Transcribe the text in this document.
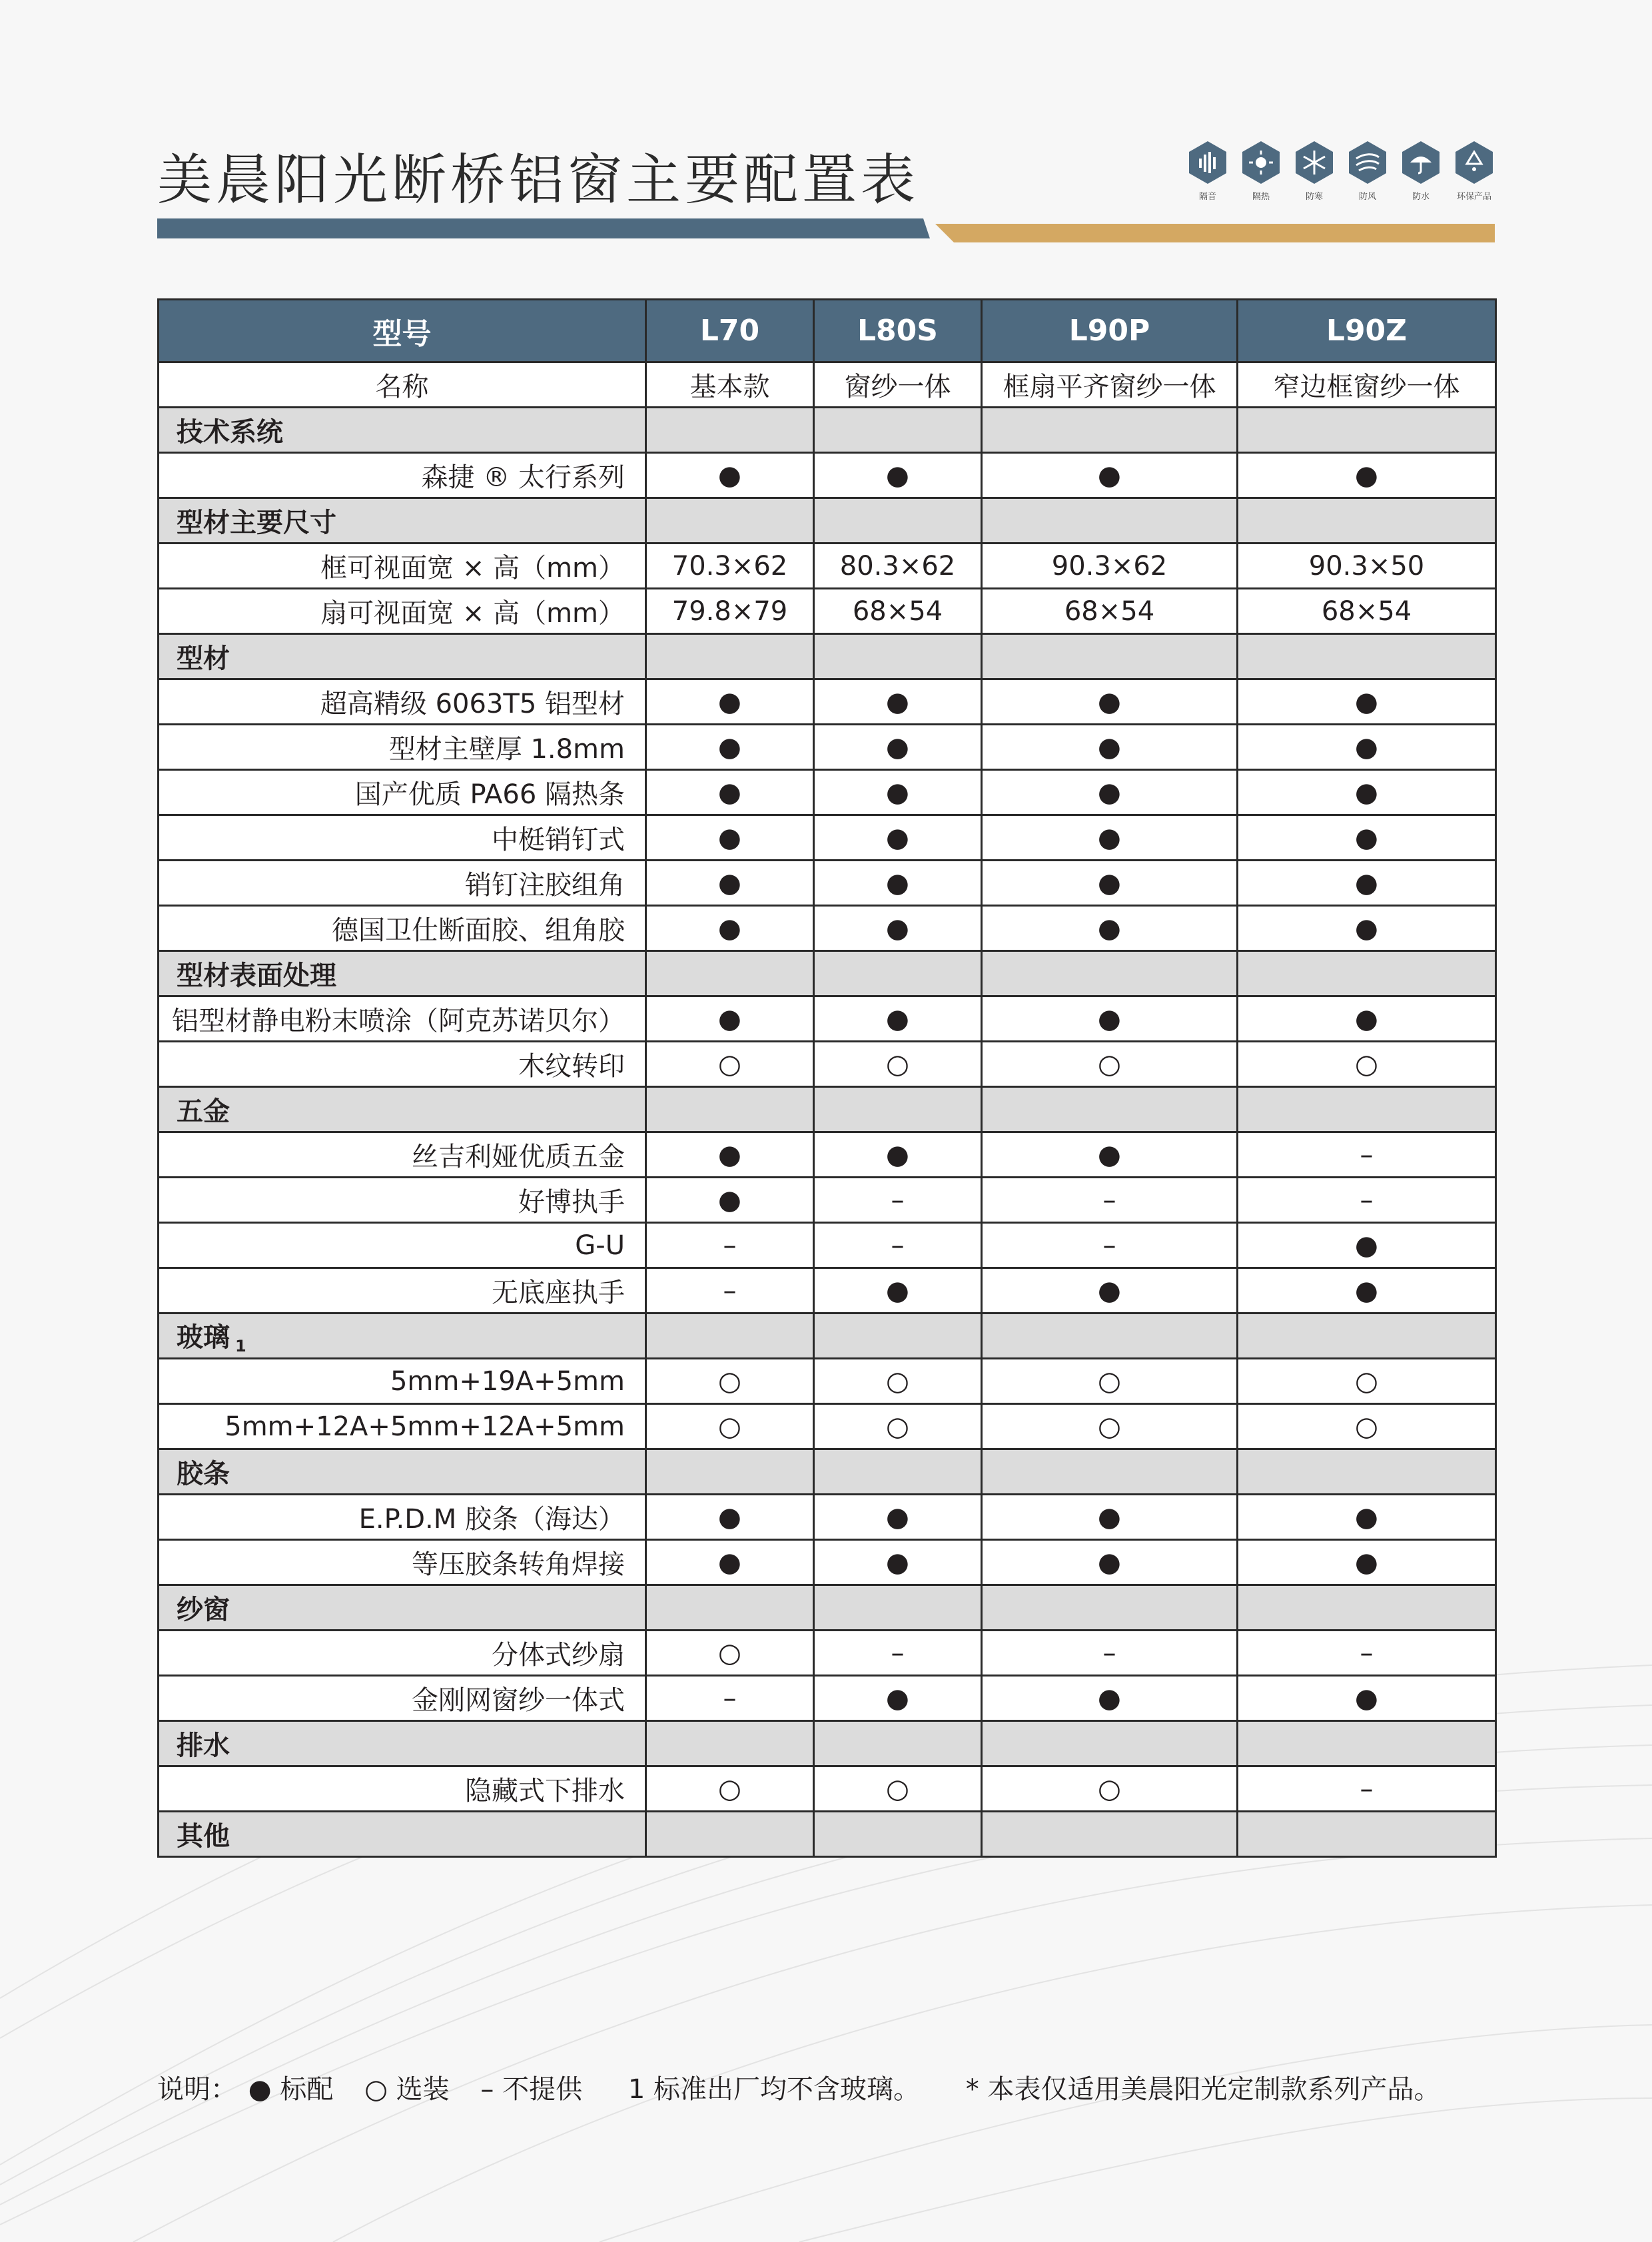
美晨阳光断桥铝窗主要配置表	隔音	隔热	防寒	防风	防水	环保产品
型号	L70	L80S	L90P	L90Z
名称	基本款	窗纱一体	框扇平齐窗纱一体	窄边框窗纱一体
技术系统				
森捷 ® 太行系列	●	●	●	●
型材主要尺寸				
框可视面宽 × 高（mm）	70.3×62	80.3×62	90.3×62	90.3×50
扇可视面宽 × 高（mm）	79.8×79	68×54	68×54	68×54
型材				
超高精级 6063T5 铝型材	●	●	●	●
型材主壁厚 1.8mm	●	●	●	●
国产优质 PA66 隔热条	●	●	●	●
中梃销钉式	●	●	●	●
销钉注胶组角	●	●	●	●
德国卫仕断面胶、组角胶	●	●	●	●
型材表面处理				
铝型材静电粉末喷涂（阿克苏诺贝尔）	●	●	●	●
木纹转印	○	○	○	○
五金				
丝吉利娅优质五金	●	●	●	–
好博执手	●	–	–	–
G-U	–	–	–	●
无底座执手	–	●	●	●
玻璃 $_1$				
5mm+19A+5mm	○	○	○	○
5mm+12A+5mm+12A+5mm	○	○	○	○
胶条				
E.P.D.M 胶条（海达）	●	●	●	●
等压胶条转角焊接	●	●	●	●
纱窗				
分体式纱扇	○	–	–	–
金刚网窗纱一体式	–	●	●	●
排水				
隐藏式下排水	○	○	○	–
其他				
说明： ● 标配 ○ 选装 – 不提供 1 标准出厂均不含玻璃。 * 本表仅适用美晨阳光定制款系列产品。
